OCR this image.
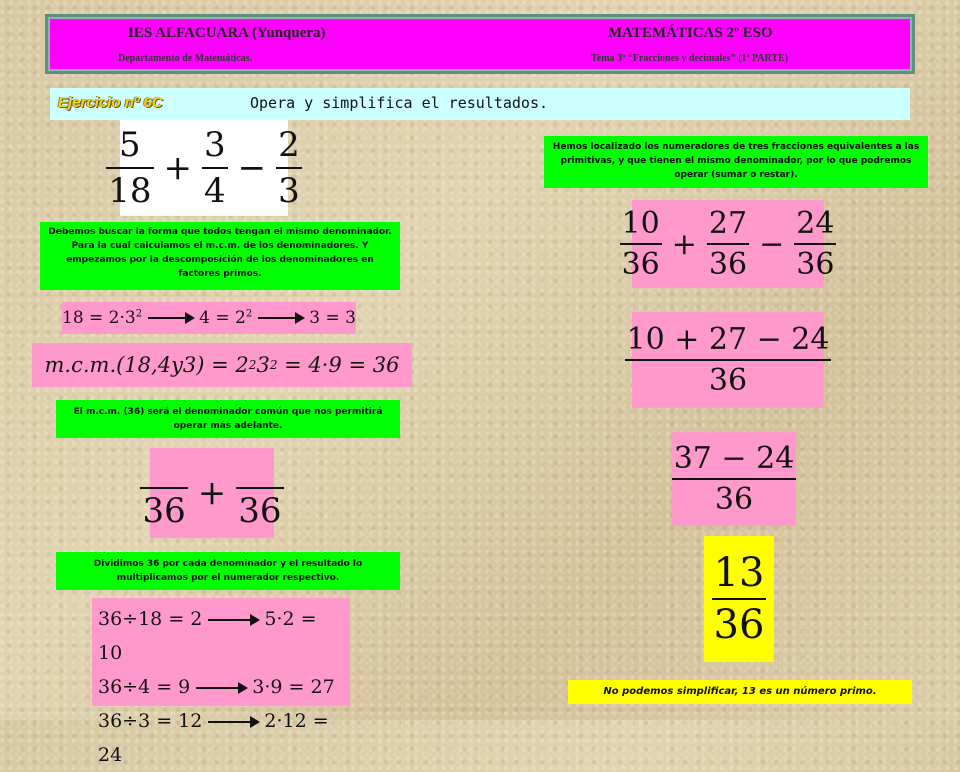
IES ALFACUARA (Yunquera)	MATEMÁTICAS 2º ESO
Departamento de Matemáticas.	Tema 3º “Fracciones y decimales” (1ª PARTE)
Ejercicio nº 6C	Opera y simplifica el resultados.
$\frac{5}{18} + \frac{3}{4} - \frac{2}{3}$
Debemos buscar la forma que todos tengan el mismo denominador. Para la cual calculamos el m.c.m. de los denominadores. Y empezamos por la descomposición de los denominadores en factores primos.
$18 = 2\cdot 3^2$	$4 = 2^2$	3 = 3
m.c.m.(18,4y3) = 2 2 3 2
= 4·9 = 36
El m.c.m. (36) será el denominador común que nos permitirá operar más adelante.
36 + 36
Dividimos 36 por cada denominador y el resultado lo multiplicamos por el numerador respectivo.
36÷18 = 2	5·2 = 10
36÷4 = 9	3·9 = 27
36÷3 = 12	2·12 = 24
Hemos localizado los numeradores de tres fracciones equivalentes a las primitivas, y que tienen el mismo denominador, por lo que podremos operar (sumar o restar).
$\frac{10}{36} + \frac{27}{36} - \frac{24}{36}$
$\frac{10 + 27 - 24}{36}$
$\frac{37 - 24}{36}$
$\frac{13}{36}$
No podemos simplificar, 13 es un número primo.
